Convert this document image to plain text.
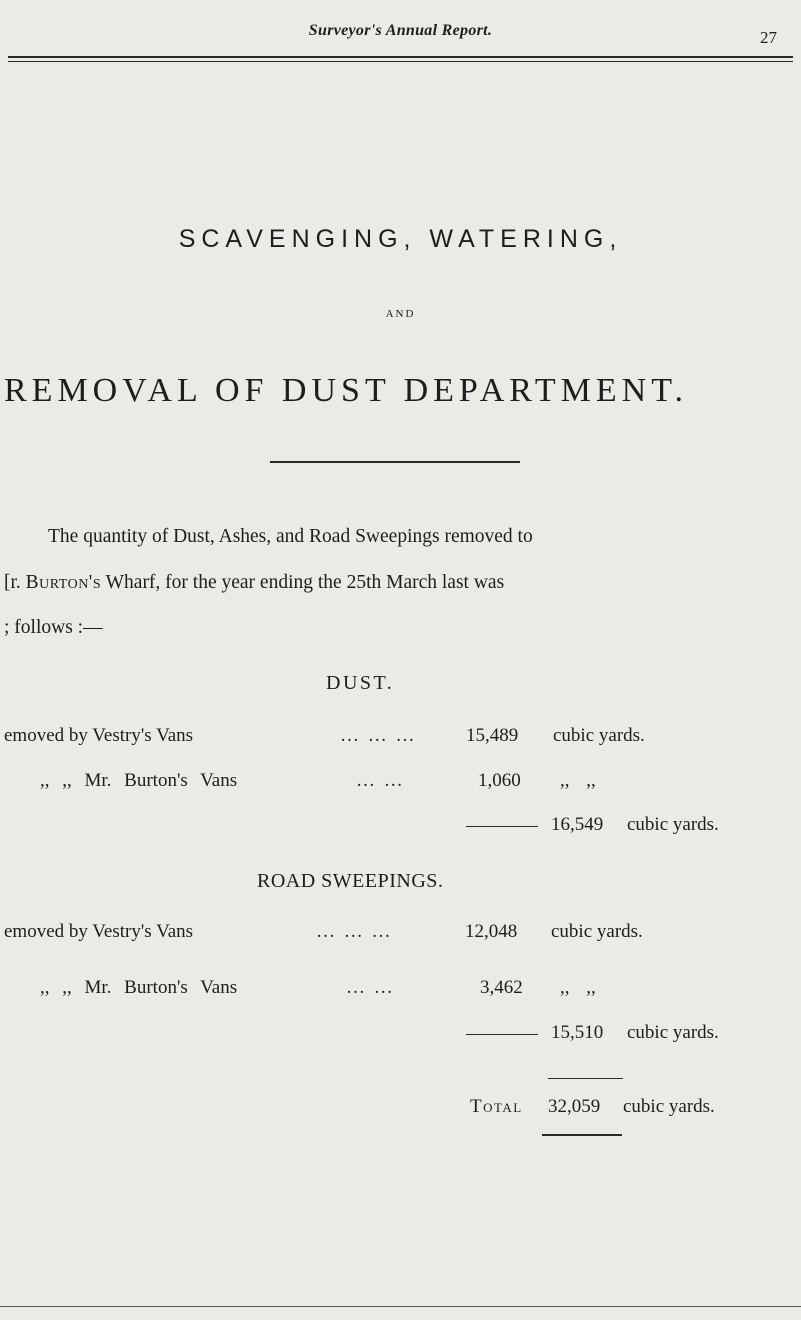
Surveyor's Annual Report.	27
SCAVENGING, WATERING,
AND
REMOVAL OF DUST DEPARTMENT.
The quantity of Dust, Ashes, and Road Sweepings removed to
[r. Burton's Wharf, for the year ending the 25th March last was
; follows :—
DUST.
emoved by Vestry's Vans	… … …	15,489 cubic yards.
,, ,, Mr. Burton's Vans	… …	1,060 ,, ,,
16,549 cubic yards.
ROAD SWEEPINGS.
emoved by Vestry's Vans	… … …	12,048 cubic yards.
,, ,, Mr. Burton's Vans	… …	3,462 ,, ,,
15,510 cubic yards.
Total 32,059 cubic yards.
